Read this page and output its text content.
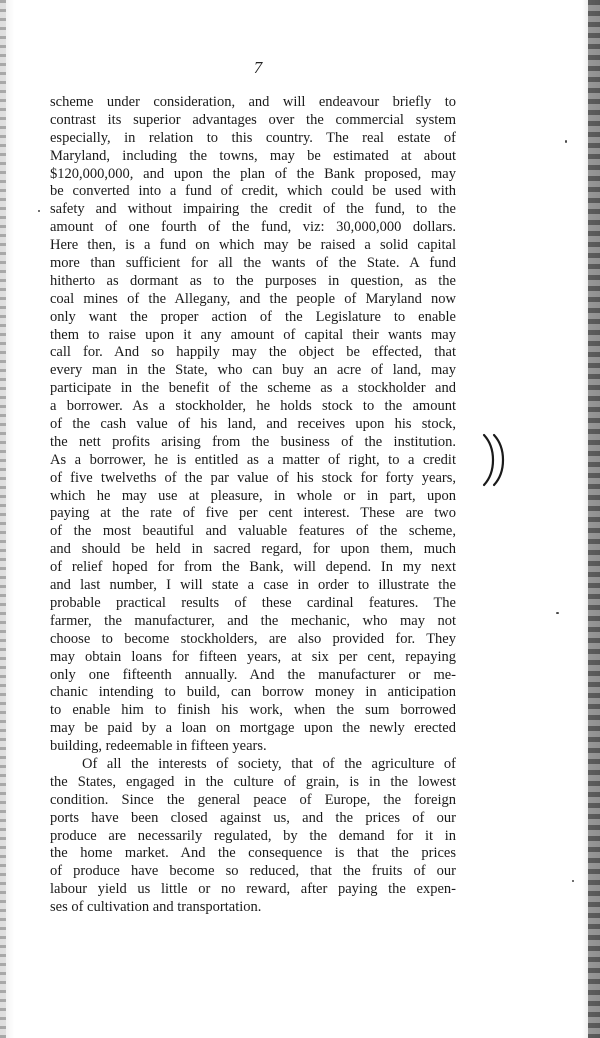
7
scheme under consideration, and will endeavour briefly to
contrast its superior advantages over the commercial system
especially, in relation to this country. The real estate of
Maryland, including the towns, may be estimated at about
$120,000,000, and upon the plan of the Bank proposed, may
be converted into a fund of credit, which could be used with
safety and without impairing the credit of the fund, to the
amount of one fourth of the fund, viz: 30,000,000 dollars.
Here then, is a fund on which may be raised a solid capital
more than sufficient for all the wants of the State. A fund
hitherto as dormant as to the purposes in question, as the
coal mines of the Allegany, and the people of Maryland now
only want the proper action of the Legislature to enable
them to raise upon it any amount of capital their wants may
call for. And so happily may the object be effected, that
every man in the State, who can buy an acre of land, may
participate in the benefit of the scheme as a stockholder and
a borrower. As a stockholder, he holds stock to the amount
of the cash value of his land, and receives upon his stock,
the nett profits arising from the business of the institution.
As a borrower, he is entitled as a matter of right, to a credit
of five twelveths of the par value of his stock for forty years,
which he may use at pleasure, in whole or in part, upon
paying at the rate of five per cent interest. These are two
of the most beautiful and valuable features of the scheme,
and should be held in sacred regard, for upon them, much
of relief hoped for from the Bank, will depend. In my next
and last number, I will state a case in order to illustrate the
probable practical results of these cardinal features. The
farmer, the manufacturer, and the mechanic, who may not
choose to become stockholders, are also provided for. They
may obtain loans for fifteen years, at six per cent, repaying
only one fifteenth annually. And the manufacturer or me-
chanic intending to build, can borrow money in anticipation
to enable him to finish his work, when the sum borrowed
may be paid by a loan on mortgage upon the newly erected
building, redeemable in fifteen years.
Of all the interests of society, that of the agriculture of
the States, engaged in the culture of grain, is in the lowest
condition. Since the general peace of Europe, the foreign
ports have been closed against us, and the prices of our
produce are necessarily regulated, by the demand for it in
the home market. And the consequence is that the prices
of produce have become so reduced, that the fruits of our
labour yield us little or no reward, after paying the expen-
ses of cultivation and transportation.
